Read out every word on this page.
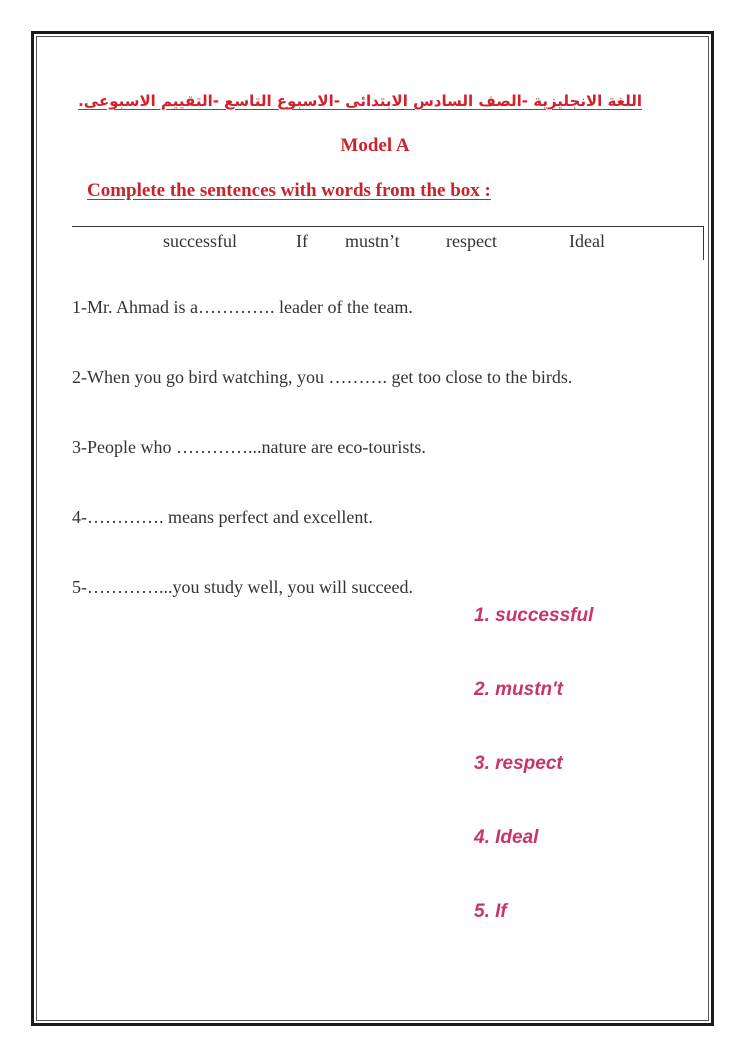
اللغة الانجليزية -الصف السادس الابتدائى -الاسبوع التاسع -التقييم الاسبوعى.
Model A
Complete the sentences with words from the box :
successful	If mustn’t	respect	Ideal
1-Mr. Ahmad is a…………. leader of the team.
2-When you go bird watching, you ………. get too close to the birds.
3-People who …………...nature are eco-tourists.
4-…………. means perfect and excellent.
5-…………...you study well, you will succeed.
1. successful
2. mustn't
3. respect
4. Ideal
5. If
